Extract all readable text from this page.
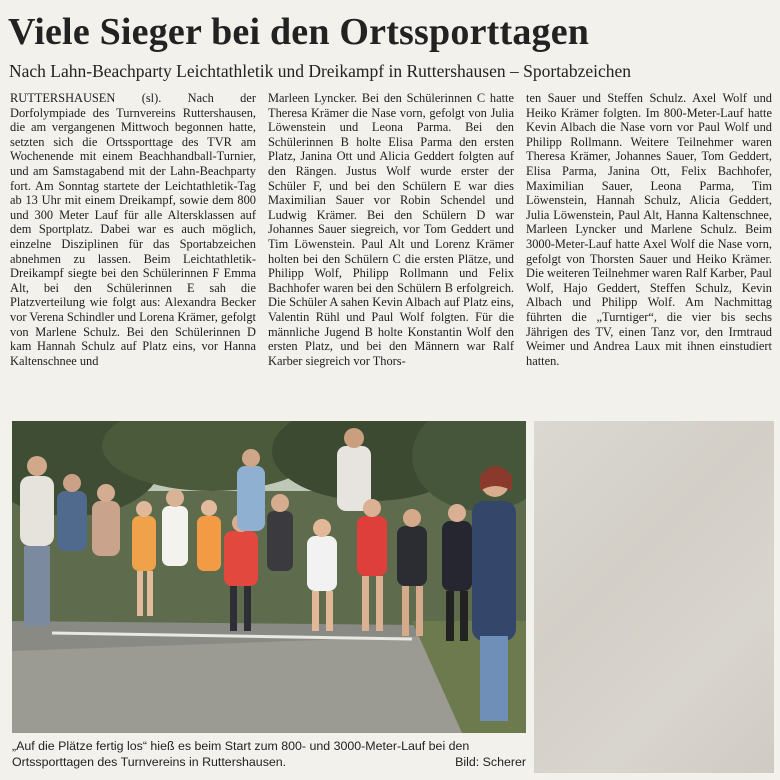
Viele Sieger bei den Ortssporttagen
Nach Lahn-Beachparty Leichtathletik und Dreikampf in Ruttershausen – Sportabzeichen

RUTTERSHAUSEN (sl). Nach der Dorfolympiade des Turnvereins Ruttershausen, die am vergangenen Mittwoch begonnen hatte, setzten sich die Ortssporttage des TVR am Wochenende mit einem Beachhandball-Turnier, und am Samstagabend mit der Lahn-Beachparty fort. Am Sonntag startete der Leichtathletik-Tag ab 13 Uhr mit einem Dreikampf, sowie dem 800 und 300 Meter Lauf für alle Altersklassen auf dem Sportplatz. Dabei war es auch möglich, einzelne Disziplinen für das Sportabzeichen abnehmen zu lassen. Beim Leichtathletik-Dreikampf siegte bei den Schülerinnen F Emma Alt, bei den Schülerinnen E sah die Platzverteilung wie folgt aus: Alexandra Becker vor Verena Schindler und Lorena Krämer, gefolgt von Marlene Schulz. Bei den Schülerinnen D kam Hannah Schulz auf Platz eins, vor Hanna Kaltenschnee und

Marleen Lyncker. Bei den Schülerinnen C hatte Theresa Krämer die Nase vorn, gefolgt von Julia Löwenstein und Leona Parma. Bei den Schülerinnen B holte Elisa Parma den ersten Platz, Janina Ott und Alicia Geddert folgten auf den Rängen. Justus Wolf wurde erster der Schüler F, und bei den Schülern E war dies Maximilian Sauer vor Robin Schendel und Ludwig Krämer. Bei den Schülern D war Johannes Sauer siegreich, vor Tom Geddert und Tim Löwenstein. Paul Alt und Lorenz Krämer holten bei den Schülern C die ersten Plätze, und Philipp Wolf, Philipp Rollmann und Felix Bachhofer waren bei den Schülern B erfolgreich. Die Schüler A sahen Kevin Albach auf Platz eins, Valentin Rühl und Paul Wolf folgten. Für die männliche Jugend B holte Konstantin Wolf den ersten Platz, und bei den Männern war Ralf Karber siegreich vor Thors-

ten Sauer und Steffen Schulz. Axel Wolf und Heiko Krämer folgten. Im 800-Meter-Lauf hatte Kevin Albach die Nase vorn vor Paul Wolf und Philipp Rollmann. Weitere Teilnehmer waren Theresa Krämer, Johannes Sauer, Tom Geddert, Elisa Parma, Janina Ott, Felix Bachhofer, Maximilian Sauer, Leona Parma, Tim Löwenstein, Hannah Schulz, Alicia Geddert, Julia Löwenstein, Paul Alt, Hanna Kaltenschnee, Marleen Lyncker und Marlene Schulz. Beim 3000-Meter-Lauf hatte Axel Wolf die Nase vorn, gefolgt von Thorsten Sauer und Heiko Krämer. Die weiteren Teilnehmer waren Ralf Karber, Paul Wolf, Hajo Geddert, Steffen Schulz, Kevin Albach und Philipp Wolf. Am Nachmittag führten die „Turntiger“, die vier bis sechs Jährigen des TV, einen Tanz vor, den Irmtraud Weimer und Andrea Laux mit ihnen einstudiert hatten.

„Auf die Plätze fertig los“ hieß es beim Start zum 800- und 3000-Meter-Lauf bei den Ortssporttagen des Turnvereins in Ruttershausen.	Bild: Scherer
